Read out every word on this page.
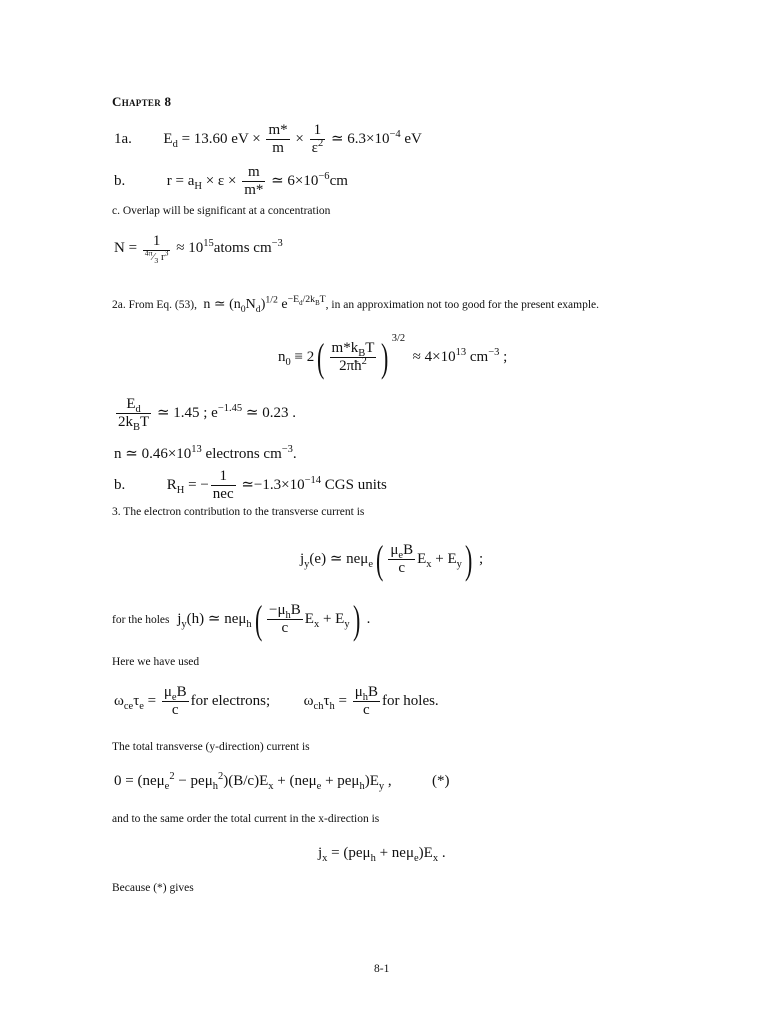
Chapter 8
1a.  $E_d = 13.60$ eV × $\frac{m*}{m} \times \frac{1}{\varepsilon^2}$ ≃ $6.3\times 10^{-4}$ eV
b.	$r = a_H \times \varepsilon \times \frac{m}{m*}$ ≃ $6\times 10^{-6}cm$
c. Overlap will be significant at a concentration
$N = \frac{1}{^{4\pi}⁄_3 r^3}$ ≈ $10^{15}atoms$ $cm^{-3}$
2a. From Eq. (53),  n ≃ $(n_0N_d)^{1/2}$ $e^{-E_d/2k_BT}$, in an approximation not too good for the present example.
$n_0 \equiv 2( \frac{m*k_BT}{2\pi ħ^2}$ ) $^{3/2} \approx 4\times 10^{13}$ $cm^{-3}$ ;
$\frac{E_d}{2k_BT}$ ≃ 1.45 ; $e^{-1.45}$ ≃ 0.23 .
n ≃ $0.46\times 10^{13}$ electrons $cm^{-3}$.
b.	$R_H$ = − $\frac{1}{\text{nec}}$ $≃-1.3\times 10^{-14}$ CGS units
3. The electron contribution to the transverse current is
$j_y(e)$ ≃ $ne\mu_e( \frac{\mu_eB}{c} E_x + E_y)$ ;
for the holes  $j_y(h)$ ≃ $ne\mu_h( \frac{-\mu_hB}{c} E_x + E_y)$ .
Here we have used
$\omega_{ce}\tau_e = \frac{\mu_eB}{c}$ for electrons;  $\omega_{ch}\tau_h = \frac{\mu_hB}{c}$ for holes.
The total transverse (y-direction) current is
$0 = (ne\mu_e^2 - pe\mu_h^2)(B/c)E_x + (ne\mu_e + pe\mu_h)E_y$ ,	(*)
and to the same order the total current in the x-direction is
$j_x = (pe\mu_h + ne\mu_e)E_x$ .
Because (*) gives
8-1
